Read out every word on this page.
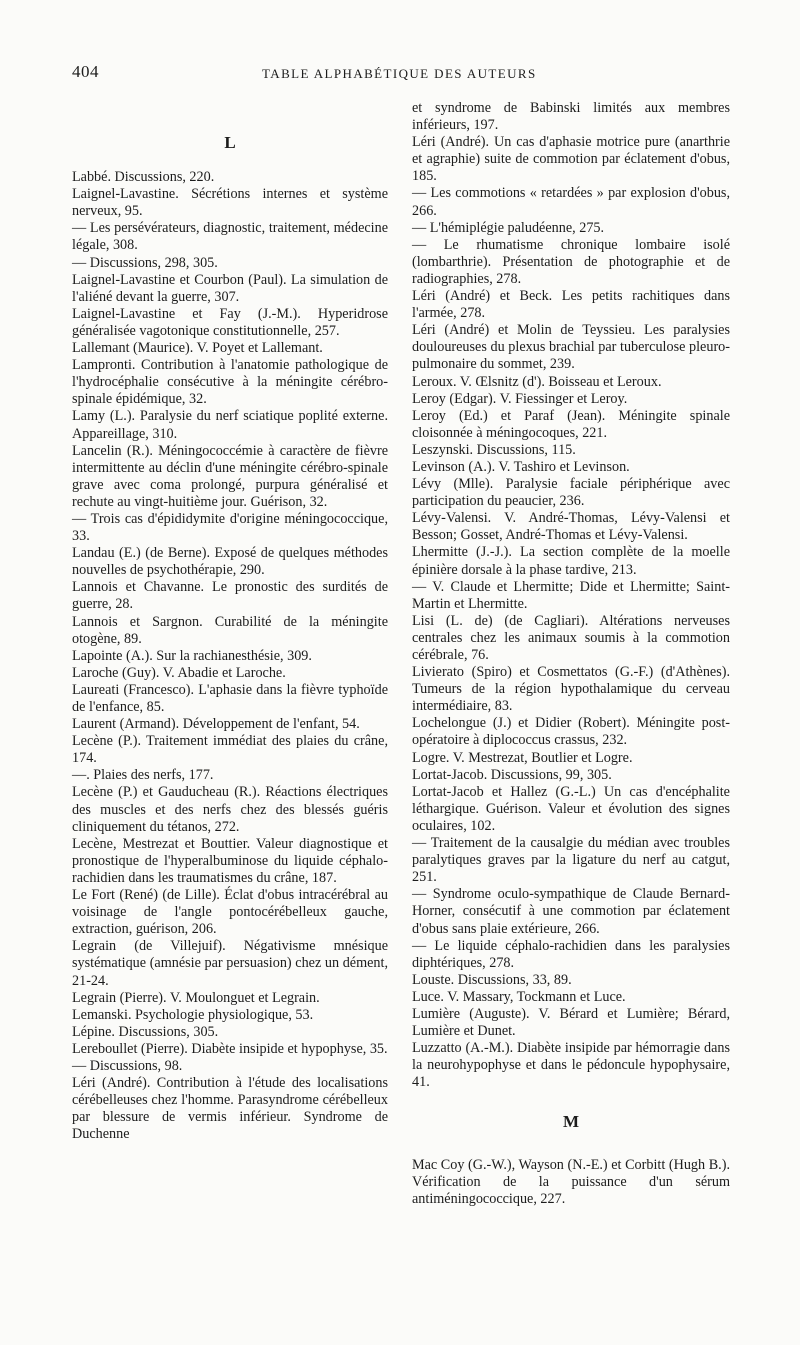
404	TABLE ALPHABÉTIQUE DES AUTEURS
L

Labbé. Discussions, 220.

Laignel-Lavastine. Sécrétions internes et système nerveux, 95.

— Les persévérateurs, diagnostic, traitement, médecine légale, 308.

— Discussions, 298, 305.

Laignel-Lavastine et Courbon (Paul). La simulation de l'aliéné devant la guerre, 307.

Laignel-Lavastine et Fay (J.-M.). Hyperidrose généralisée vagotonique constitutionnelle, 257.

Lallemant (Maurice). V. Poyet et Lallemant.

Lampronti. Contribution à l'anatomie pathologique de l'hydrocéphalie consécutive à la méningite cérébro-spinale épidémique, 32.

Lamy (L.). Paralysie du nerf sciatique poplité externe. Appareillage, 310.

Lancelin (R.). Méningococcémie à caractère de fièvre intermittente au déclin d'une méningite cérébro-spinale grave avec coma prolongé, purpura généralisé et rechute au vingt-huitième jour. Guérison, 32.

— Trois cas d'épididymite d'origine méningococcique, 33.

Landau (E.) (de Berne). Exposé de quelques méthodes nouvelles de psychothérapie, 290.

Lannois et Chavanne. Le pronostic des surdités de guerre, 28.

Lannois et Sargnon. Curabilité de la méningite otogène, 89.

Lapointe (A.). Sur la rachianesthésie, 309.

Laroche (Guy). V. Abadie et Laroche.

Laureati (Francesco). L'aphasie dans la fièvre typhoïde de l'enfance, 85.

Laurent (Armand). Développement de l'enfant, 54.

Lecène (P.). Traitement immédiat des plaies du crâne, 174.

—. Plaies des nerfs, 177.

Lecène (P.) et Gauducheau (R.). Réactions électriques des muscles et des nerfs chez des blessés guéris cliniquement du tétanos, 272.

Lecène, Mestrezat et Bouttier. Valeur diagnostique et pronostique de l'hyperalbuminose du liquide céphalo-rachidien dans les traumatismes du crâne, 187.

Le Fort (René) (de Lille). Éclat d'obus intracérébral au voisinage de l'angle pontocérébelleux gauche, extraction, guérison, 206.

Legrain (de Villejuif). Négativisme mnésique systématique (amnésie par persuasion) chez un dément, 21-24.

Legrain (Pierre). V. Moulonguet et Legrain.

Lemanski. Psychologie physiologique, 53.

Lépine. Discussions, 305.

Lereboullet (Pierre). Diabète insipide et hypophyse, 35.

— Discussions, 98.

Léri (André). Contribution à l'étude des localisations cérébelleuses chez l'homme. Parasyndrome cérébelleux par blessure de vermis inférieur. Syndrome de Duchenne

et syndrome de Babinski limités aux membres inférieurs, 197.

Léri (André). Un cas d'aphasie motrice pure (anarthrie et agraphie) suite de commotion par éclatement d'obus, 185.

— Les commotions « retardées » par explosion d'obus, 266.

— L'hémiplégie paludéenne, 275.

— Le rhumatisme chronique lombaire isolé (lombarthrie). Présentation de photographie et de radiographies, 278.

Léri (André) et Beck. Les petits rachitiques dans l'armée, 278.

Léri (André) et Molin de Teyssieu. Les paralysies douloureuses du plexus brachial par tuberculose pleuro-pulmonaire du sommet, 239.

Leroux. V. Œlsnitz (d'). Boisseau et Leroux.

Leroy (Edgar). V. Fiessinger et Leroy.

Leroy (Ed.) et Paraf (Jean). Méningite spinale cloisonnée à méningocoques, 221.

Leszynski. Discussions, 115.

Levinson (A.). V. Tashiro et Levinson.

Lévy (Mlle). Paralysie faciale périphérique avec participation du peaucier, 236.

Lévy-Valensi. V. André-Thomas, Lévy-Valensi et Besson; Gosset, André-Thomas et Lévy-Valensi.

Lhermitte (J.-J.). La section complète de la moelle épinière dorsale à la phase tardive, 213.

— V. Claude et Lhermitte; Dide et Lhermitte; Saint-Martin et Lhermitte.

Lisi (L. de) (de Cagliari). Altérations nerveuses centrales chez les animaux soumis à la commotion cérébrale, 76.

Livierato (Spiro) et Cosmettatos (G.-F.) (d'Athènes). Tumeurs de la région hypothalamique du cerveau intermédiaire, 83.

Lochelongue (J.) et Didier (Robert). Méningite post-opératoire à diplococcus crassus, 232.

Logre. V. Mestrezat, Boutlier et Logre.

Lortat-Jacob. Discussions, 99, 305.

Lortat-Jacob et Hallez (G.-L.) Un cas d'encéphalite léthargique. Guérison. Valeur et évolution des signes oculaires, 102.

— Traitement de la causalgie du médian avec troubles paralytiques graves par la ligature du nerf au catgut, 251.

— Syndrome oculo-sympathique de Claude Bernard-Horner, consécutif à une commotion par éclatement d'obus sans plaie extérieure, 266.

— Le liquide céphalo-rachidien dans les paralysies diphtériques, 278.

Louste. Discussions, 33, 89.

Luce. V. Massary, Tockmann et Luce.

Lumière (Auguste). V. Bérard et Lumière; Bérard, Lumière et Dunet.

Luzzatto (A.-M.). Diabète insipide par hémorragie dans la neurohypophyse et dans le pédoncule hypophysaire, 41.

M

Mac Coy (G.-W.), Wayson (N.-E.) et Corbitt (Hugh B.). Vérification de la puissance d'un sérum antiméningococcique, 227.
